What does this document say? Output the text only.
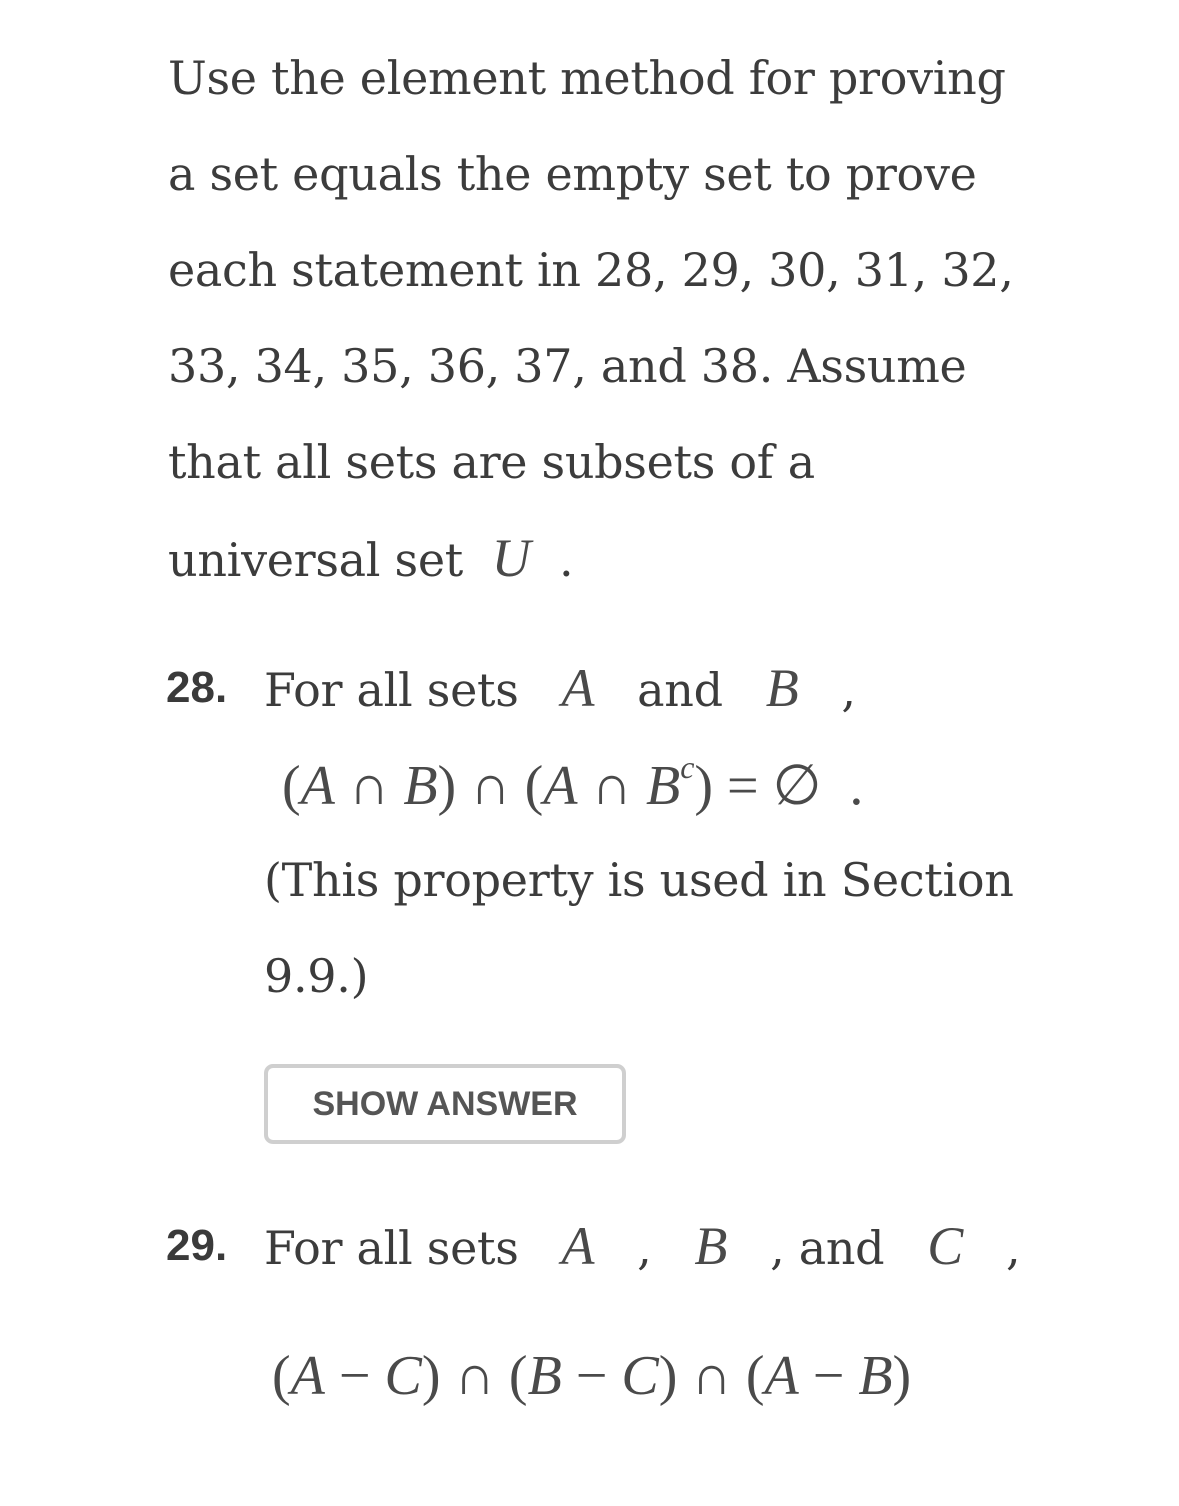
Use the element method for proving
a set equals the empty set to prove
each statement in 28, 29, 30, 31, 32,
33, 34, 35, 36, 37, and 38. Assume
that all sets are subsets of a
universal set U .
28. For all sets A and B ,
(A ∩ B) ∩ (A ∩ $B^c$) = ∅ .
(This property is used in Section
9.9.)
SHOW ANSWER
29. For all sets A , B , and C ,
(A − C) ∩ (B − C) ∩ (A − B)
